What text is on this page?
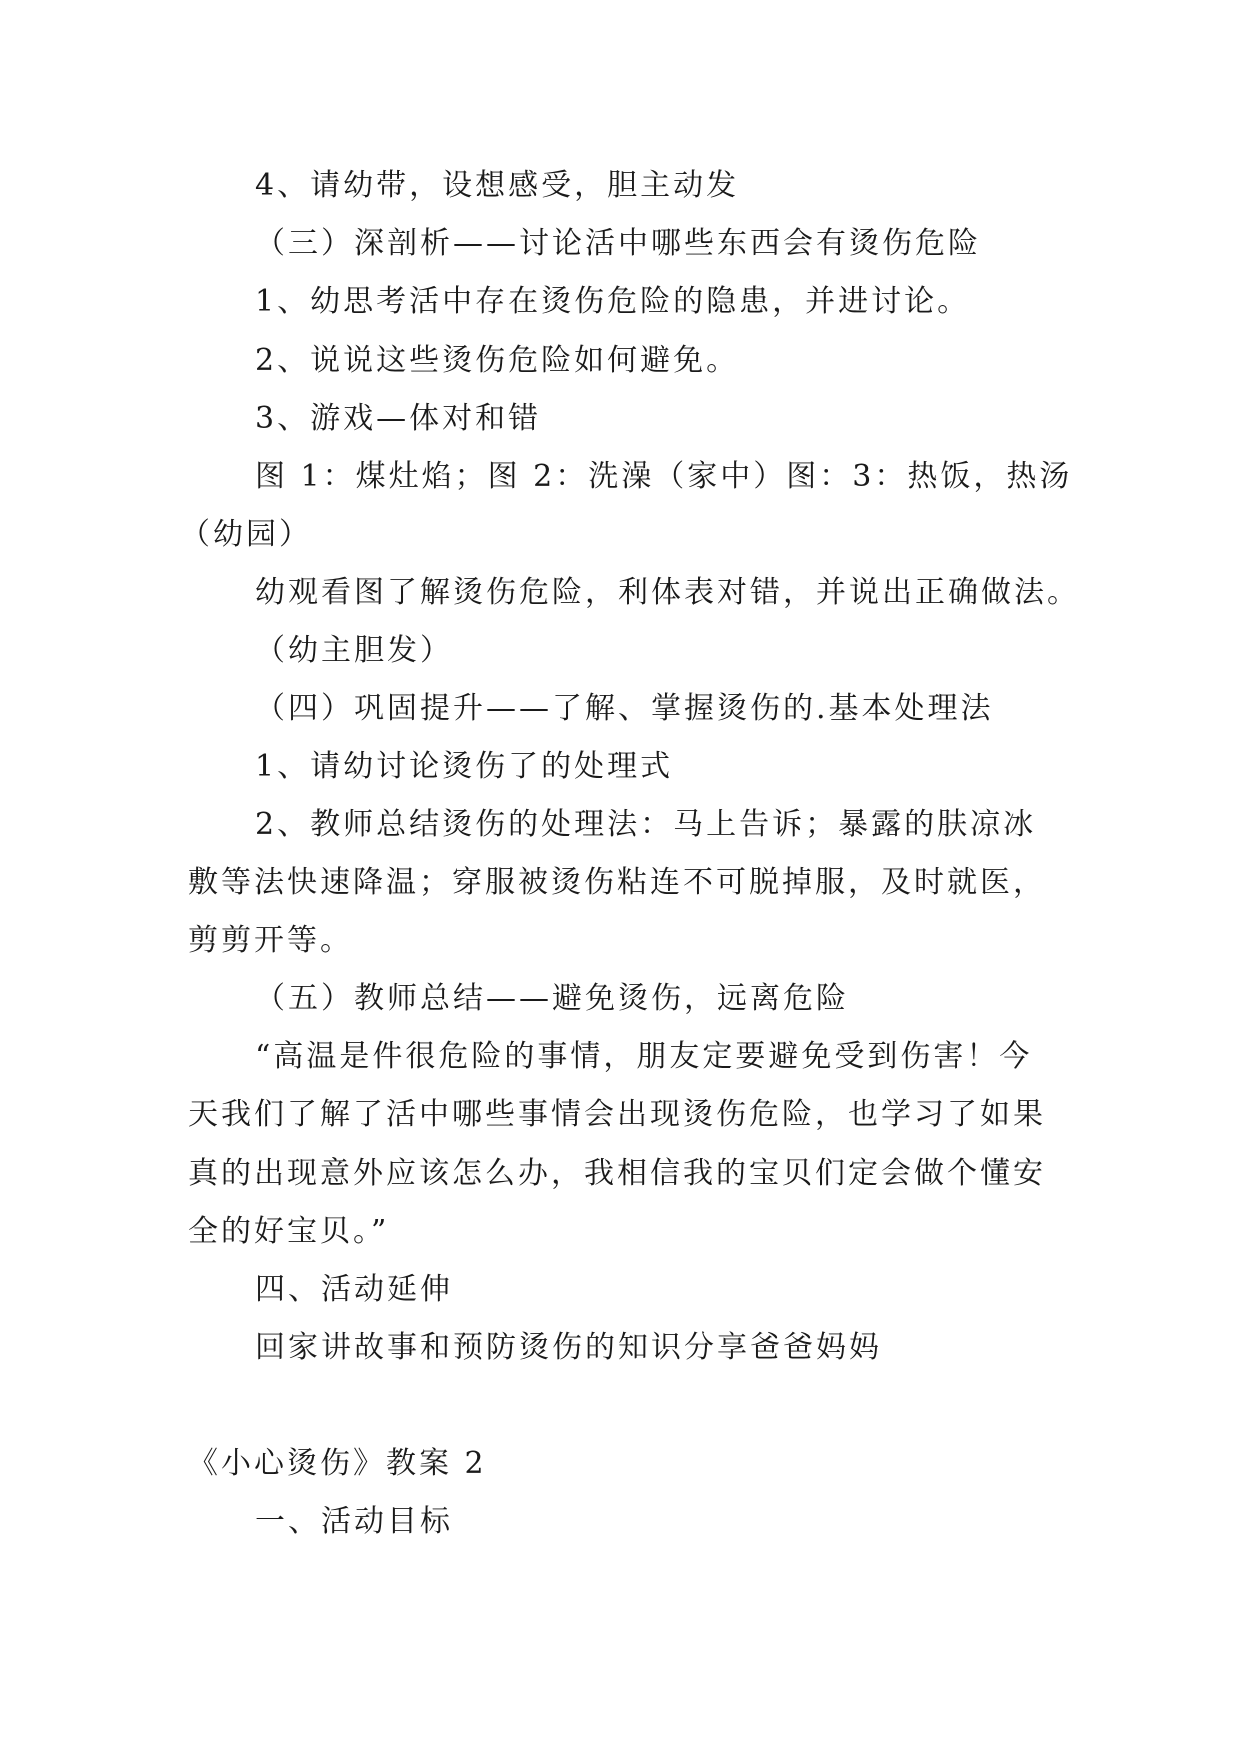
4、请幼带，设想感受，胆主动发
（三）深剖析——讨论活中哪些东西会有烫伤危险
1、幼思考活中存在烫伤危险的隐患，并进讨论。
2、说说这些烫伤危险如何避免。
3、游戏—体对和错
图 1：煤灶焰；图 2：洗澡（家中）图：3：热饭，热汤
（幼园）
幼观看图了解烫伤危险，利体表对错，并说出正确做法。
（幼主胆发）
（四）巩固提升——了解、掌握烫伤的.基本处理法
1、请幼讨论烫伤了的处理式
2、教师总结烫伤的处理法：马上告诉；暴露的肤凉冰
敷等法快速降温；穿服被烫伤粘连不可脱掉服，及时就医，
剪剪开等。
（五）教师总结——避免烫伤，远离危险
“高温是件很危险的事情，朋友定要避免受到伤害！今
天我们了解了活中哪些事情会出现烫伤危险，也学习了如果
真的出现意外应该怎么办，我相信我的宝贝们定会做个懂安
全的好宝贝。”
四、活动延伸
回家讲故事和预防烫伤的知识分享爸爸妈妈
《小心烫伤》教案 2
一、活动目标
